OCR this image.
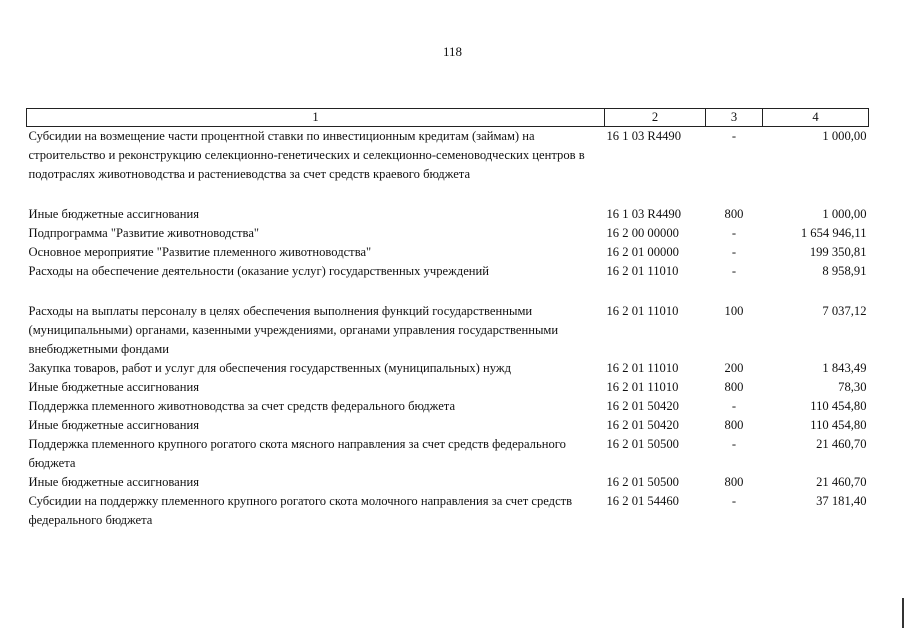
118
1	2	3	4
Субсидии на возмещение части процентной ставки по инвестиционным кредитам (займам) на строительство и реконструкцию селекционно-генетических и селекционно-семеноводческих центров в подотраслях животноводства и растениеводства за счет средств краевого бюджета	16 1 03 R4490	-	1 000,00
Иные бюджетные ассигнования	16 1 03 R4490	800	1 000,00
Подпрограмма "Развитие животноводства"	16 2 00 00000	-	1 654 946,11
Основное мероприятие "Развитие племенного животноводства"	16 2 01 00000	-	199 350,81
Расходы на обеспечение деятельности (оказание услуг) государственных учреждений	16 2 01 11010	-	8 958,91
Расходы на выплаты персоналу в целях обеспечения выполнения функций государственными (муниципальными) органами, казенными учреждениями, органами управления государственными внебюджетными фондами	16 2 01 11010	100	7 037,12
Закупка товаров, работ и услуг для обеспечения государственных (муниципальных) нужд	16 2 01 11010	200	1 843,49
Иные бюджетные ассигнования	16 2 01 11010	800	78,30
Поддержка племенного животноводства за счет средств федерального бюджета	16 2 01 50420	-	110 454,80
Иные бюджетные ассигнования	16 2 01 50420	800	110 454,80
Поддержка племенного крупного рогатого скота мясного направления за счет средств федерального бюджета	16 2 01 50500	-	21 460,70
Иные бюджетные ассигнования	16 2 01 50500	800	21 460,70
Субсидии на поддержку племенного крупного рогатого скота молочного направления за счет средств федерального бюджета	16 2 01 54460	-	37 181,40
